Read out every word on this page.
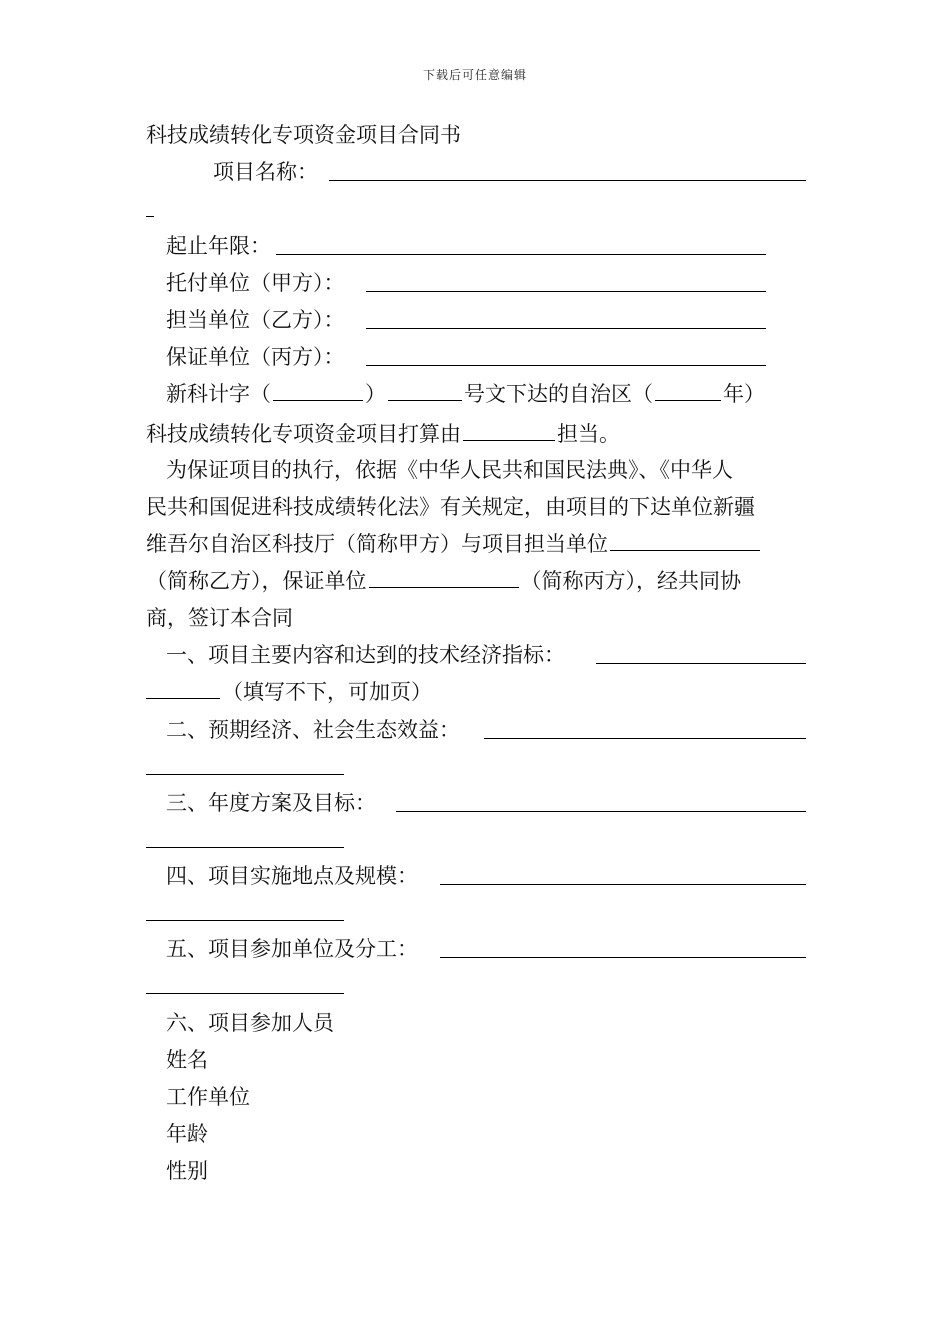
下载后可任意编辑
科技成绩转化专项资金项目合同书
项目名称：
起止年限：
托付单位（甲方）：
担当单位（乙方）：
保证单位（丙方）：
新科计字（	）	号文下达的自治区（	年）
科技成绩转化专项资金项目打算由	担当。
为保证项目的执行，依据《中华人民共和国民法典》、《中华人
民共和国促进科技成绩转化法》有关规定，由项目的下达单位新疆
维吾尔自治区科技厅（简称甲方）与项目担当单位
（简称乙方），保证单位	（简称丙方），经共同协
商，签订本合同
一、项目主要内容和达到的技术经济指标：
（填写不下，可加页）
二、预期经济、社会生态效益：
三、年度方案及目标：
四、项目实施地点及规模：
五、项目参加单位及分工：
六、项目参加人员
姓名
工作单位
年龄
性别
